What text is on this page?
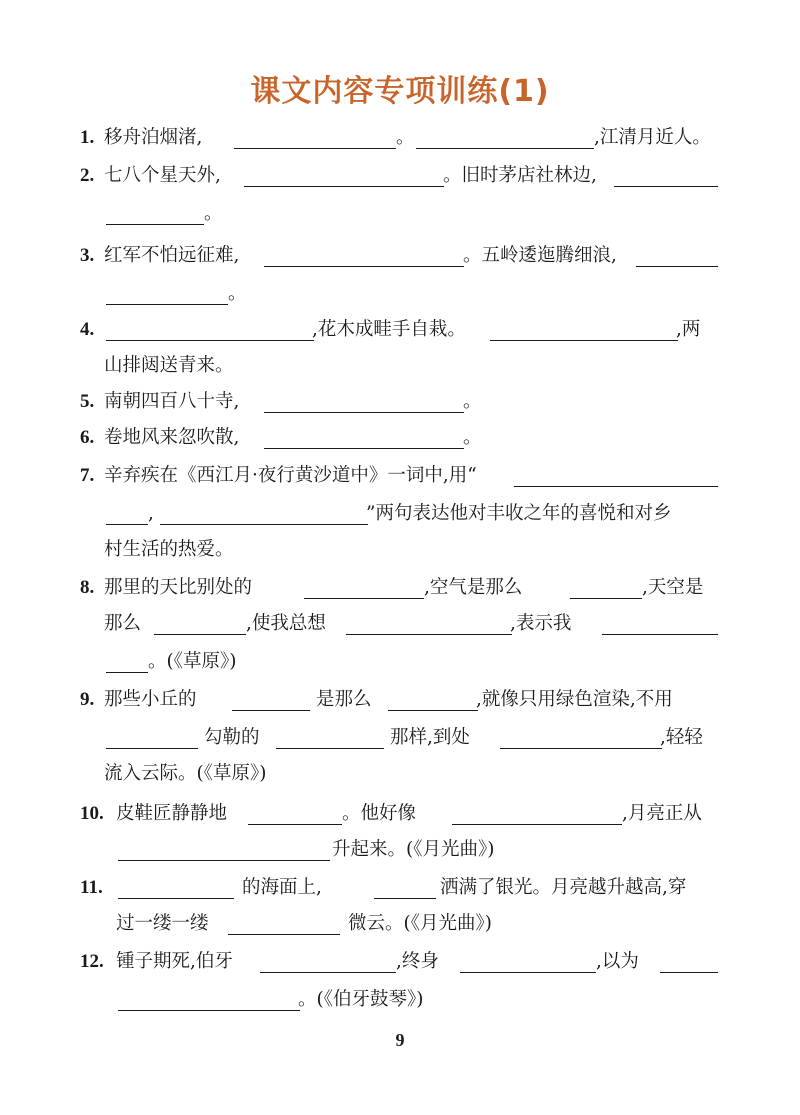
课文内容专项训练(1)
1. 移舟泊烟渚,	。	,江清月近人。
2. 七八个星天外,	。旧时茅店社林边,
。
3. 红军不怕远征难,	。五岭逶迤腾细浪,
。
4.	,花木成畦手自栽。	,两
山排闼送青来。
5. 南朝四百八十寺,	。
6. 卷地风来忽吹散,	。
7. 辛弃疾在《西江月·夜行黄沙道中》一词中,用“
,	”两句表达他对丰收之年的喜悦和对乡
村生活的热爱。
8. 那里的天比别处的	,空气是那么	,天空是
那么	,使我总想	,表示我
。(《草原》)
9. 那些小丘的	是那么	,就像只用绿色渲染,不用
勾勒的	那样,到处	,轻轻
流入云际。(《草原》)
10. 皮鞋匠静静地	。他好像	,月亮正从
升起来。(《月光曲》)
11.	的海面上,	洒满了银光。月亮越升越高,穿
过一缕一缕	微云。(《月光曲》)
12. 锺子期死,伯牙	,终身	,以为
。(《伯牙鼓琴》)
9
